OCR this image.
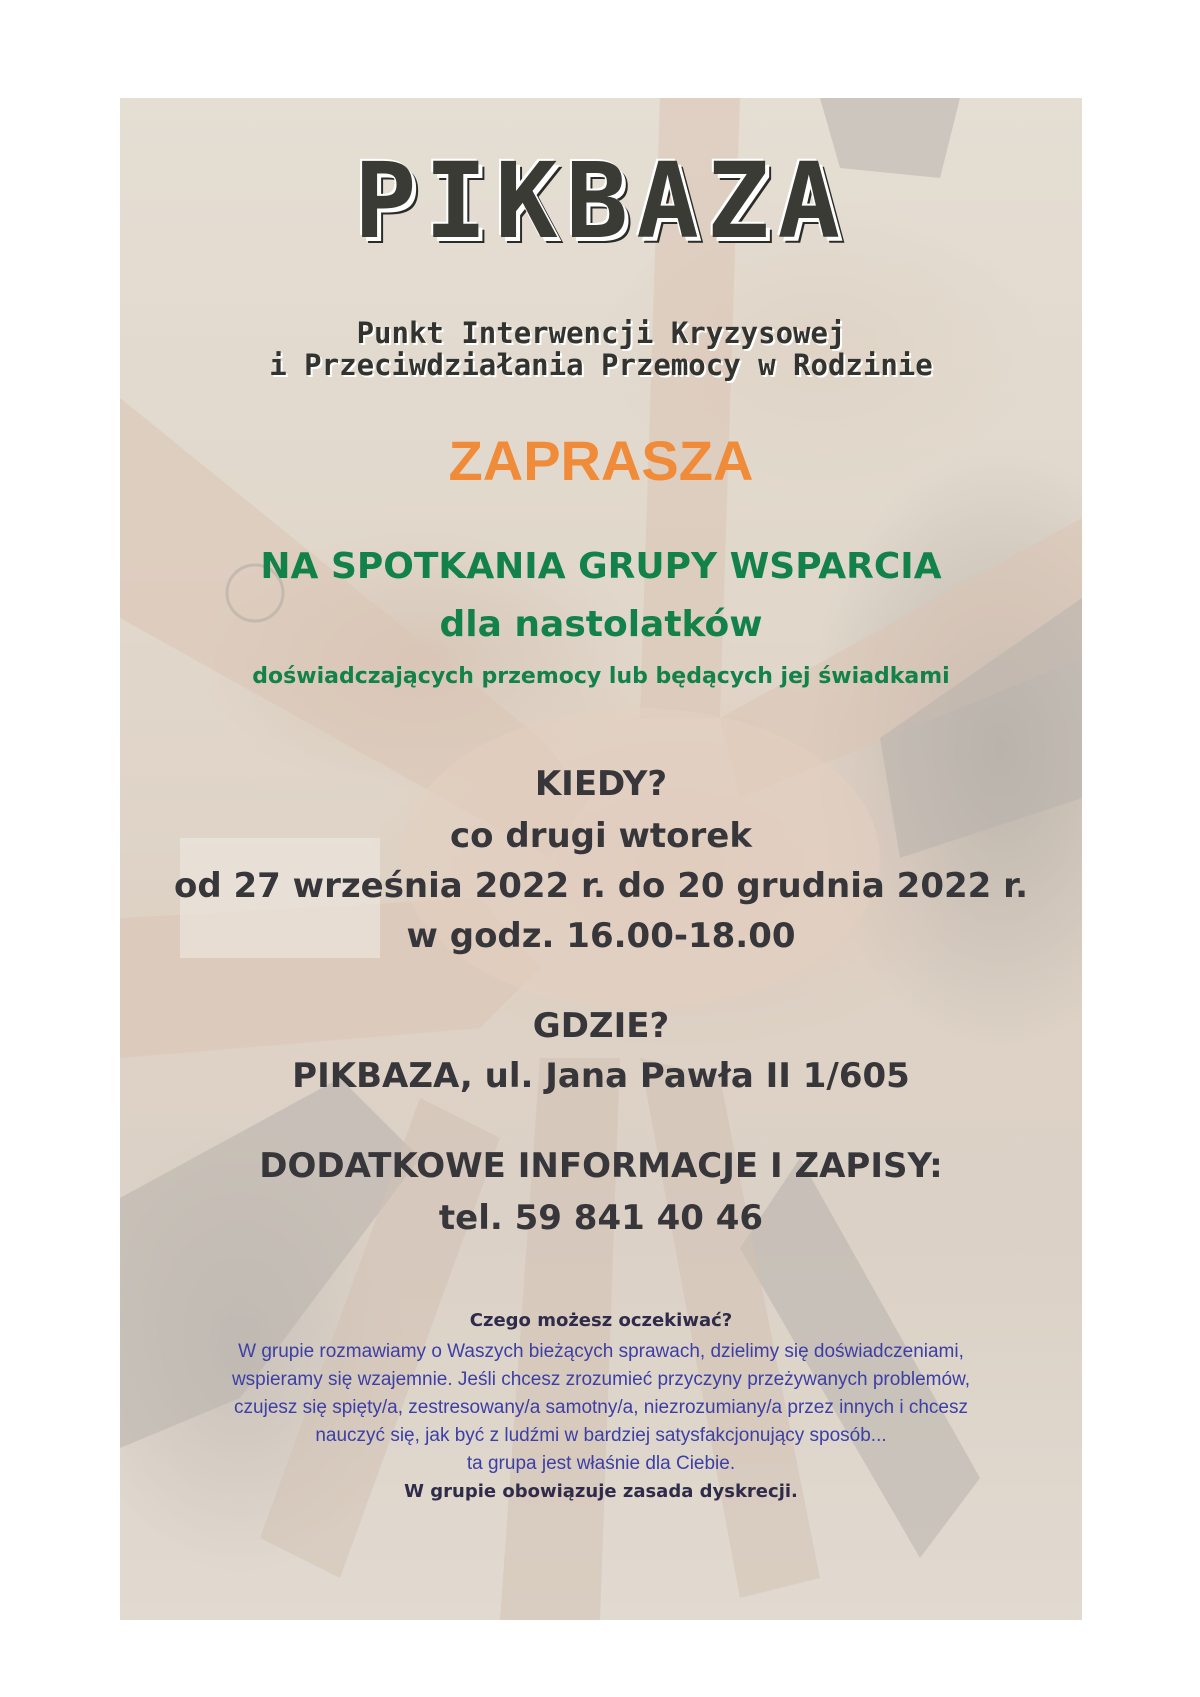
PIKBAZA
Punkt Interwencji Kryzysowej
i Przeciwdziałania Przemocy w Rodzinie
ZAPRASZA
NA SPOTKANIA GRUPY WSPARCIA
dla nastolatków
doświadczających przemocy lub będących jej świadkami
KIEDY?
co drugi wtorek
od 27 września 2022 r. do 20 grudnia 2022 r.
w godz. 16.00-18.00
GDZIE?
PIKBAZA, ul. Jana Pawła II 1/605
DODATKOWE INFORMACJE I ZAPISY:
tel. 59 841 40 46
Czego możesz oczekiwać?
W grupie rozmawiamy o Waszych bieżących sprawach, dzielimy się doświadczeniami,
wspieramy się wzajemnie. Jeśli chcesz zrozumieć przyczyny przeżywanych problemów,
czujesz się spięty/a, zestresowany/a samotny/a, niezrozumiany/a przez innych i chcesz
nauczyć się, jak być z ludźmi w bardziej satysfakcjonujący sposób...
ta grupa jest właśnie dla Ciebie.
W grupie obowiązuje zasada dyskrecji.
